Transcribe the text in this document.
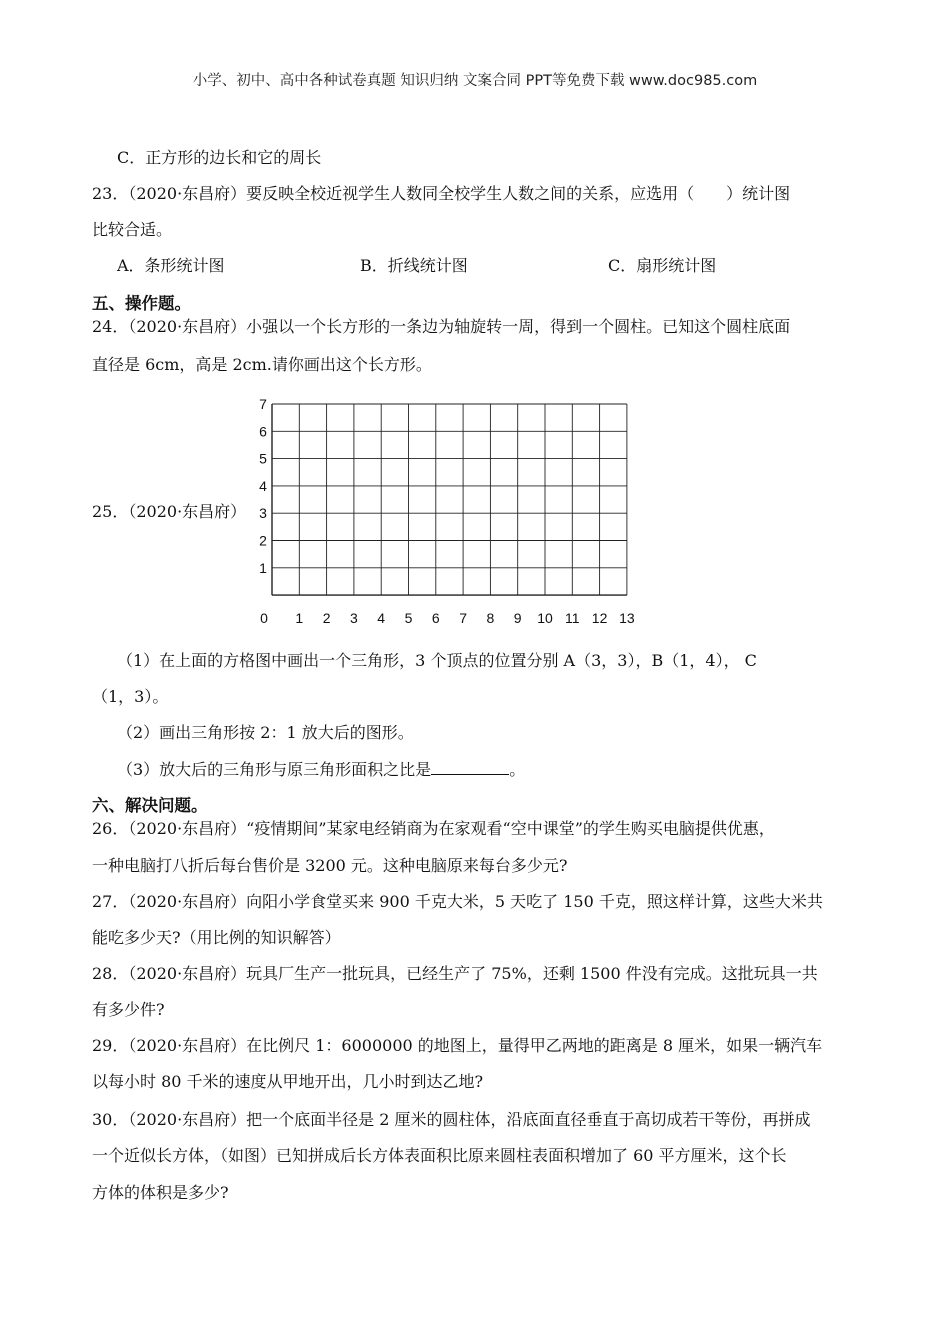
小学、初中、高中各种试卷真题 知识归纳 文案合同 PPT等免费下载 www.doc985.com
C．正方形的边长和它的周长
23．（2020·东昌府）要反映全校近视学生人数同全校学生人数之间的关系，应选用（　　）统计图
比较合适。
A．条形统计图	B．折线统计图	C．扇形统计图
五、操作题。
24．（2020·东昌府）小强以一个长方形的一条边为轴旋转一周，得到一个圆柱。已知这个圆柱底面
直径是 6cm，高是 2cm.请你画出这个长方形。
25．（2020·东昌府）
0 1 2 3 4 5 6 7 8 9 10 11 12 13
1
2
3
4
5
6
7
（1）在上面的方格图中画出一个三角形，3 个顶点的位置分别 A（3，3），B（1，4）， C
（1，3）。
（2）画出三角形按 2：1 放大后的图形。
（3）放大后的三角形与原三角形面积之比是	。
六、解决问题。
26．（2020·东昌府）“疫情期间”某家电经销商为在家观看“空中课堂”的学生购买电脑提供优惠，
一种电脑打八折后每台售价是 3200 元。这种电脑原来每台多少元?
27．（2020·东昌府）向阳小学食堂买来 900 千克大米，5 天吃了 150 千克，照这样计算，这些大米共
能吃多少天?（用比例的知识解答）
28．（2020·东昌府）玩具厂生产一批玩具，已经生产了 75%，还剩 1500 件没有完成。这批玩具一共
有多少件?
29．（2020·东昌府）在比例尺 1：6000000 的地图上，量得甲乙两地的距离是 8 厘米，如果一辆汽车
以每小时 80 千米的速度从甲地开出，几小时到达乙地?
30．（2020·东昌府）把一个底面半径是 2 厘米的圆柱体，沿底面直径垂直于高切成若干等份，再拼成
一个近似长方体，（如图）已知拼成后长方体表面积比原来圆柱表面积增加了 60 平方厘米，这个长
方体的体积是多少?
